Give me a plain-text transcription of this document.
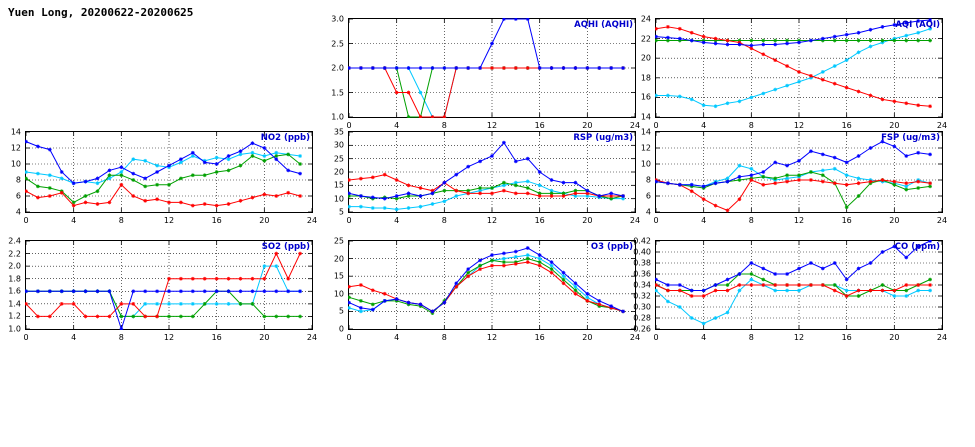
Yuen Long, 20200622-20200625
AQHI (AQHI)
0	4	8	12	16	20	24
1.0
1.5
2.0
2.5
3.0
AQI (AQI)
0	4	8	12	16	20	24
14
16
18
20
22
24
NO2 (ppb)
0	4	8	12	16	20	24
4
6
8
10
12
14
RSP (ug/m3)
0	4	8	12	16	20	24
5
10
15
20
25
30
35
FSP (ug/m3)
0	4	8	12	16	20	24
4
6
8
10
12
14
SO2 (ppb)
0	4	8	12	16	20	24
1.0
1.2
1.4
1.6
1.8
2.0
2.2
2.4
O3 (ppb)
0	4	8	12	16	20	24
0
5
10
15
20
25
CO (ppm)
0	4	8	12	16	20	24
0.26
0.28
0.30
0.32
0.34
0.36
0.38
0.40
0.42
